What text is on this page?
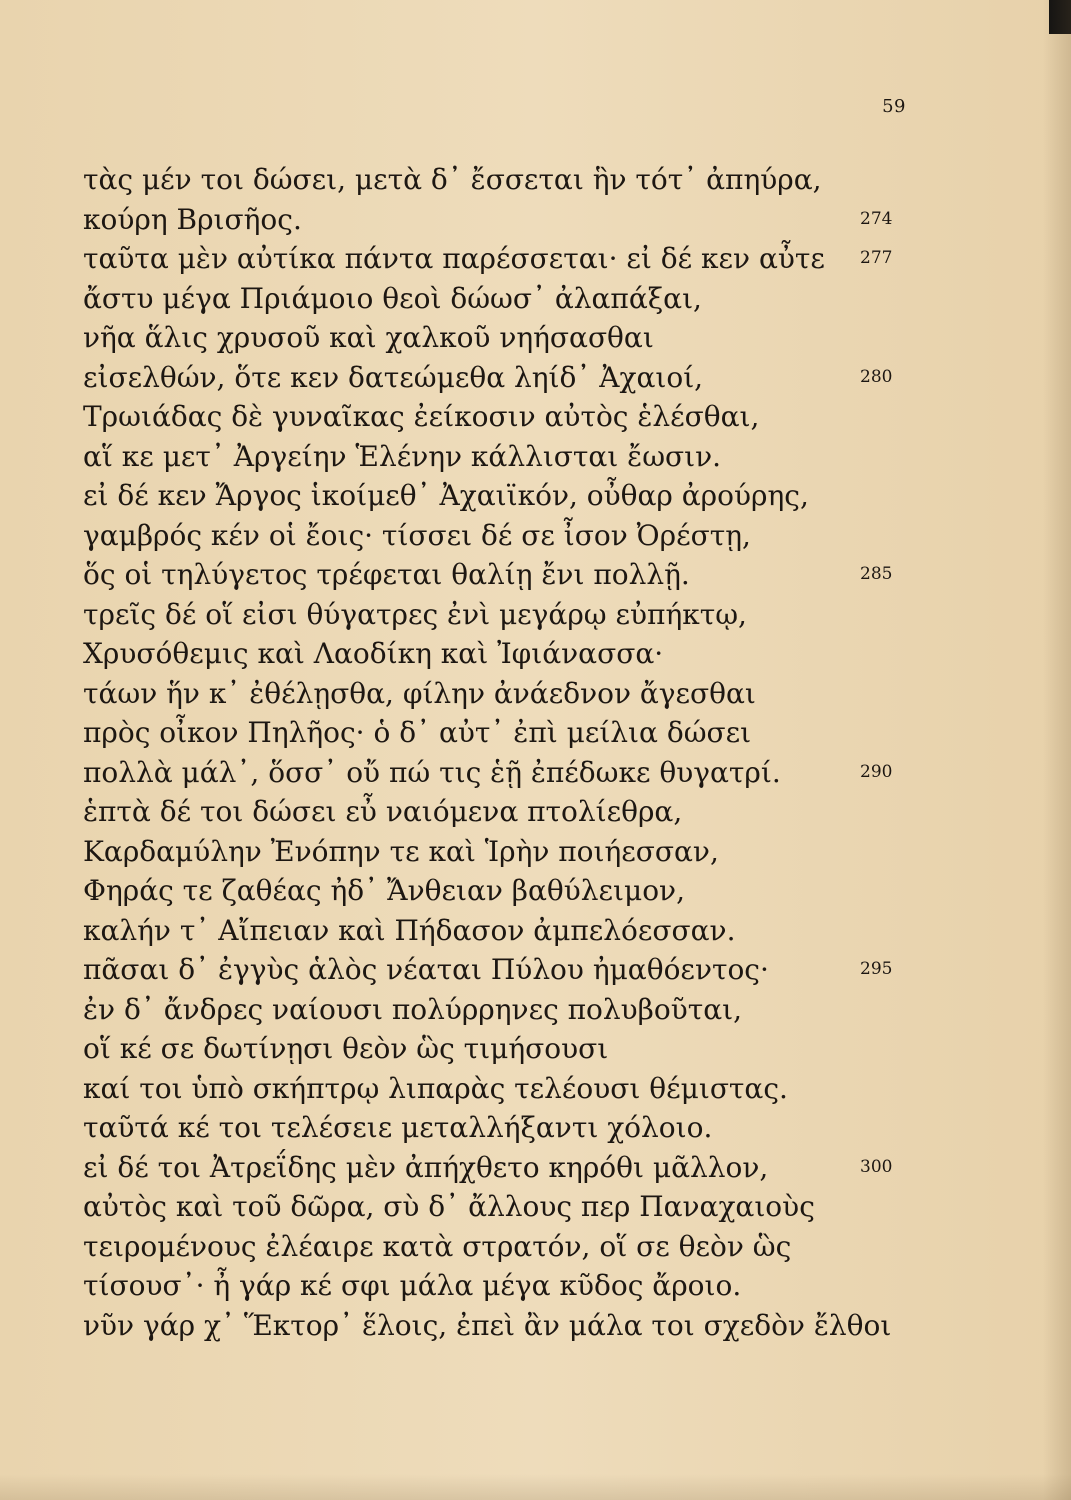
59
τὰς μέν τοι δώσει, μετὰ δ᾽ ἔσσεται ἣν τότ᾽ ἀπηύρα,
κούρη Βρισῆος.	274
ταῦτα μὲν αὐτίκα πάντα παρέσσεται· εἰ δέ κεν αὖτε 277
ἄστυ μέγα Πριάμοιο θεοὶ δώωσ᾽ ἀλαπάξαι,
νῆα ἅλις χρυσοῦ καὶ χαλκοῦ νηήσασθαι
εἰσελθών, ὅτε κεν δατεώμεθα ληίδ᾽ Ἀχαιοί,	280
Τρωιάδας δὲ γυναῖκας ἐείκοσιν αὐτὸς ἑλέσθαι,
αἵ κε μετ᾽ Ἀργείην Ἑλένην κάλλισται ἔωσιν.
εἰ δέ κεν Ἄργος ἱκοίμεθ᾽ Ἀχαιϊκόν, οὖθαρ ἀρούρης,
γαμβρός κέν οἱ ἔοις· τίσσει δέ σε ἶσον Ὀρέστῃ,
ὅς οἱ τηλύγετος τρέφεται θαλίῃ ἔνι πολλῇ.	285
τρεῖς δέ οἵ εἰσι θύγατρες ἐνὶ μεγάρῳ εὐπήκτῳ,
Χρυσόθεμις καὶ Λαοδίκη καὶ Ἰφιάνασσα·
τάων ἥν κ᾽ ἐθέλῃσθα, φίλην ἀνάεδνον ἄγεσθαι
πρὸς οἶκον Πηλῆος· ὁ δ᾽ αὐτ᾽ ἐπὶ μείλια δώσει
πολλὰ μάλ᾽, ὅσσ᾽ οὔ πώ τις ἑῇ ἐπέδωκε θυγατρί.	290
ἑπτὰ δέ τοι δώσει εὖ ναιόμενα πτολίεθρα,
Καρδαμύλην Ἐνόπην τε καὶ Ἱρὴν ποιήεσσαν,
Φηράς τε ζαθέας ἠδ᾽ Ἄνθειαν βαθύλειμον,
καλήν τ᾽ Αἴπειαν καὶ Πήδασον ἀμπελόεσσαν.
πᾶσαι δ᾽ ἐγγὺς ἁλὸς νέαται Πύλου ἠμαθόεντος·	295
ἐν δ᾽ ἄνδρες ναίουσι πολύρρηνες πολυβοῦται,
οἵ κέ σε δωτίνῃσι θεὸν ὣς τιμήσουσι
καί τοι ὑπὸ σκήπτρῳ λιπαρὰς τελέουσι θέμιστας.
ταῦτά κέ τοι τελέσειε μεταλλήξαντι χόλοιο.
εἰ δέ τοι Ἀτρεΐδης μὲν ἀπήχθετο κηρόθι μᾶλλον,	300
αὐτὸς καὶ τοῦ δῶρα, σὺ δ᾽ ἄλλους περ Παναχαιοὺς
τειρομένους ἐλέαιρε κατὰ στρατόν, οἵ σε θεὸν ὣς
τίσουσ᾽· ἦ γάρ κέ σφι μάλα μέγα κῦδος ἄροιο.
νῦν γάρ χ᾽ Ἕκτορ᾽ ἕλοις, ἐπεὶ ἂν μάλα τοι σχεδὸν ἔλθοι
